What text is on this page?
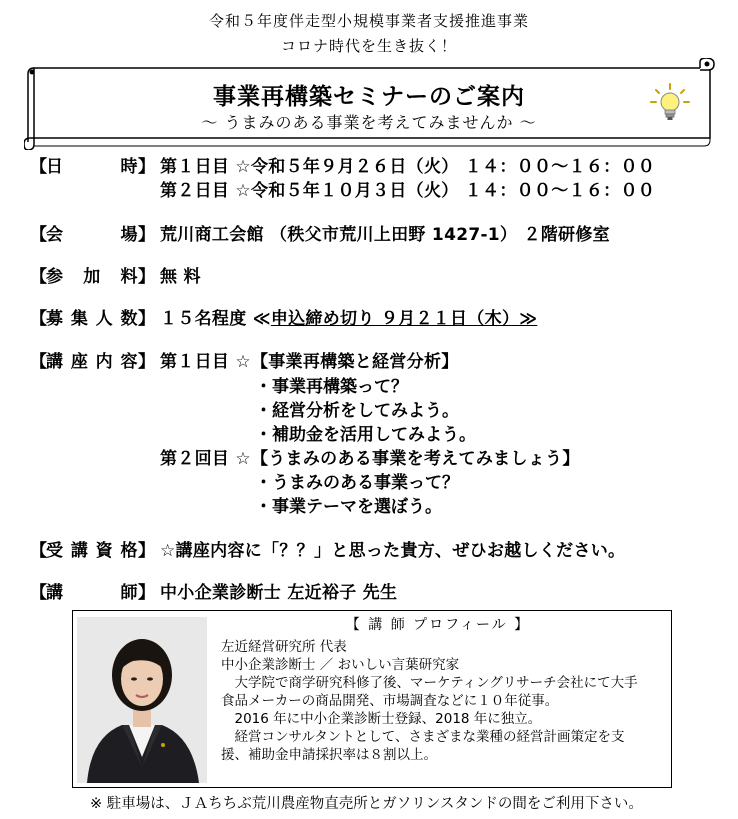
令和５年度伴走型小規模事業者支援推進事業
コロナ時代を生き抜く！
事業再構築セミナーのご案内
～ うまみのある事業を考えてみませんか ～
【
日	時 】 第１日目 ☆令和５年９月２６日（火） １４：００～１６：００
第２日目 ☆令和５年１０月３日（火） １４：００～１６：００
【
会	場 】 荒川商工会館 （秩父市荒川上田野 1427-1） ２階研修室
【
参 加 料 】 無 料
【
募 集 人 数 】 １５名程度 ≪申込締め切り ９月２１日（木）≫
【
講 座 内 容 】 第１日目 ☆【事業再構築と経営分析】
・事業再構築って？
・経営分析をしてみよう。
・補助金を活用してみよう。
第２回目 ☆【うまみのある事業を考えてみましょう】
・うまみのある事業って？
・事業テーマを選ぼう。
【
受 講 資 格 】 ☆講座内容に「？？」と思った貴方、ぜひお越しください。
【
講	師 】 中小企業診断士 左近裕子 先生
【 講 師 プロフィール 】
左近経営研究所 代表
中小企業診断士 ／ おいしい言葉研究家
　大学院で商学研究科修了後、マーケティングリサーチ会社にて大手
食品メーカーの商品開発、市場調査などに１０年従事。
　2016 年に中小企業診断士登録、2018 年に独立。
　経営コンサルタントとして、さまざまな業種の経営計画策定を支
援、補助金申請採択率は８割以上。
※ 駐車場は、ＪＡちちぶ荒川農産物直売所とガソリンスタンドの間をご利用下さい。
